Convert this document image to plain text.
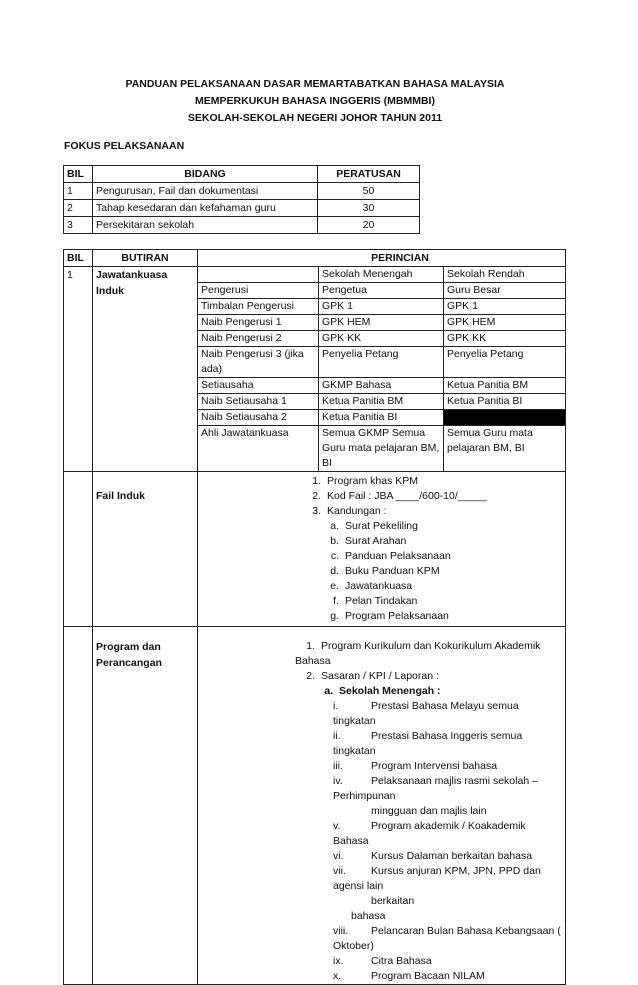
PANDUAN PELAKSANAAN DASAR MEMARTABATKAN BAHASA MALAYSIA
MEMPERKUKUH BAHASA INGGERIS (MBMMBI)
SEKOLAH-SEKOLAH NEGERI JOHOR TAHUN 2011
FOKUS PELAKSANAAN
BIL	BIDANG	PERATUSAN
1	Pengurusan, Fail dan dokumentasi	50
2	Tahap kesedaran dan kefahaman guru	30
3	Persekitaran sekolah	20
BIL	BUTIRAN	PERINCIAN
1	Jawatankuasa Induk	
	Sekolah Menengah	Sekolah Rendah
Pengerusi	Pengetua	Guru Besar
Timbalan Pengerusi	GPK 1	GPK 1
Naib Pengerusi 1	GPK HEM	GPK HEM
Naib Pengerusi 2	GPK KK	GPK KK
Naib Pengerusi 3 (jika ada)	Penyelia Petang	Penyelia Petang
Setiausaha	GKMP Bahasa	Ketua Panitia BM
Naib Setiausaha 1	Ketua Panitia BM	Ketua Panitia BI
Naib Setiausaha 2	Ketua Panitia BI	
Ahli Jawatankuasa	Semua GKMP Semua Guru mata pelajaran BM, BI	Semua Guru mata pelajaran BM, BI

	Fail Induk	
1. Program khas KPM
2. Kod Fail : JBA ____/600-10/_____
3. Kandungan :
a. Surat Pekeliling
b. Surat Arahan
c. Panduan Pelaksanaan
d. Buku Panduan KPM
e. Jawatankuasa
f. Pelan Tindakan
g. Program Pelaksanaan

Program dan
Perancangan

1. Program Kurikulum dan Kokurikulum Akademik Bahasa
2. Sasaran / KPI / Laporan :
a. Sekolah Menengah :
i.	Prestasi Bahasa Melayu semua tingkatan
ii.	Prestasi Bahasa Inggeris semua tingkatan
iii.	Program Intervensi bahasa
iv.	Pelaksanaan majlis rasmi sekolah – Perhimpunan
mingguan dan majlis lain
v.	Program akademik / Koakademik Bahasa
vi.	Kursus Dalaman berkaitan bahasa
vii. Kursus anjuran KPM, JPN, PPD dan agensi lain
berkaitan
bahasa
viii. Pelancaran Bulan Bahasa Kebangsaan ( Oktober)
ix.	Citra Bahasa
x.	Program Bacaan NILAM
